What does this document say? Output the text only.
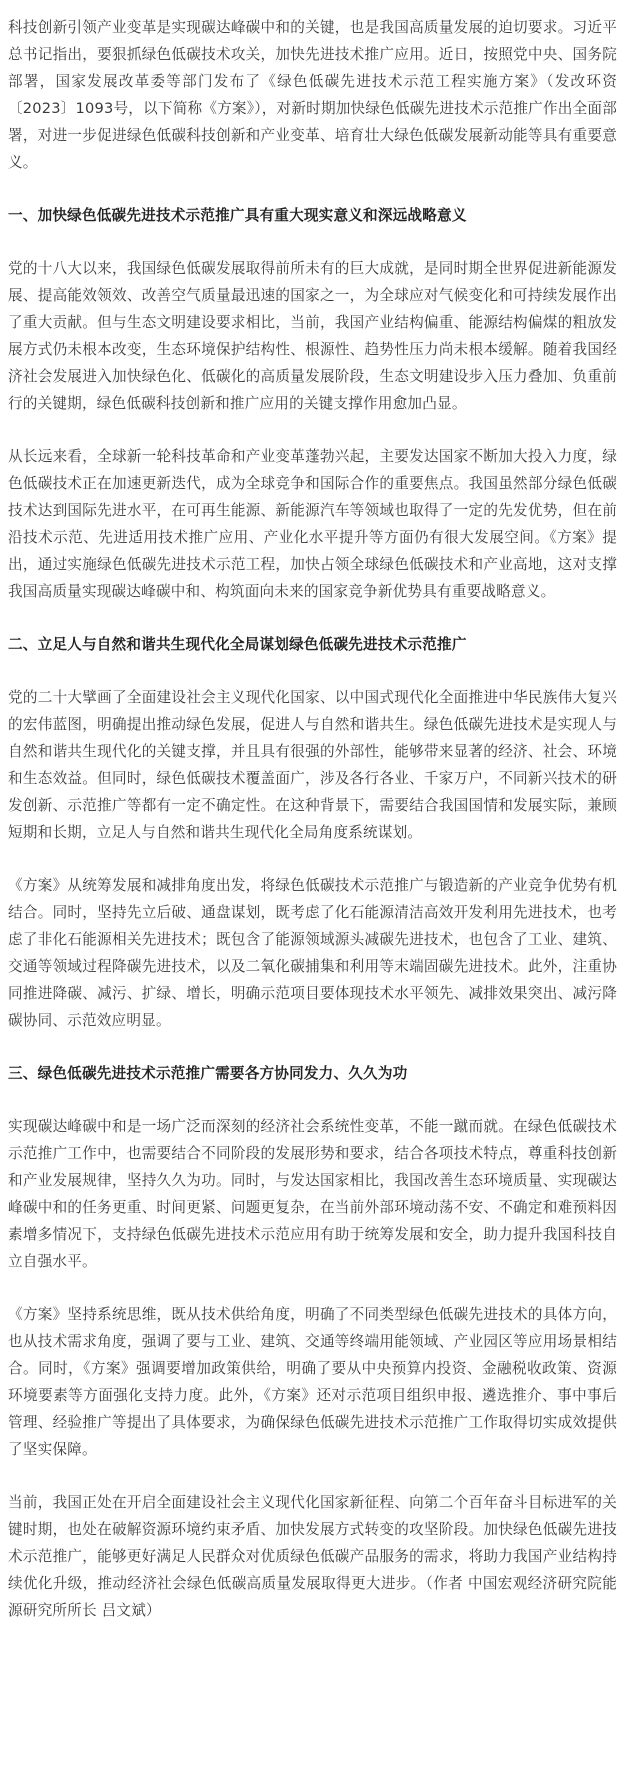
科技创新引领产业变革是实现碳达峰碳中和的关键，也是我国高质量发展的迫切要求。习近平总书记指出，要狠抓绿色低碳技术攻关，加快先进技术推广应用。近日，按照党中央、国务院部署，国家发展改革委等部门发布了《绿色低碳先进技术示范工程实施方案》（发改环资〔2023〕1093号，以下简称《方案》），对新时期加快绿色低碳先进技术示范推广作出全面部署，对进一步促进绿色低碳科技创新和产业变革、培育壮大绿色低碳发展新动能等具有重要意义。

一、加快绿色低碳先进技术示范推广具有重大现实意义和深远战略意义

党的十八大以来，我国绿色低碳发展取得前所未有的巨大成就，是同时期全世界促进新能源发展、提高能效领效、改善空气质量最迅速的国家之一，为全球应对气候变化和可持续发展作出了重大贡献。但与生态文明建设要求相比，当前，我国产业结构偏重、能源结构偏煤的粗放发展方式仍未根本改变，生态环境保护结构性、根源性、趋势性压力尚未根本缓解。随着我国经济社会发展进入加快绿色化、低碳化的高质量发展阶段，生态文明建设步入压力叠加、负重前行的关键期，绿色低碳科技创新和推广应用的关键支撑作用愈加凸显。

从长远来看，全球新一轮科技革命和产业变革蓬勃兴起，主要发达国家不断加大投入力度，绿色低碳技术正在加速更新迭代，成为全球竞争和国际合作的重要焦点。我国虽然部分绿色低碳技术达到国际先进水平，在可再生能源、新能源汽车等领域也取得了一定的先发优势，但在前沿技术示范、先进适用技术推广应用、产业化水平提升等方面仍有很大发展空间。《方案》提出，通过实施绿色低碳先进技术示范工程，加快占领全球绿色低碳技术和产业高地，这对支撑我国高质量实现碳达峰碳中和、构筑面向未来的国家竞争新优势具有重要战略意义。

二、立足人与自然和谐共生现代化全局谋划绿色低碳先进技术示范推广

党的二十大擘画了全面建设社会主义现代化国家、以中国式现代化全面推进中华民族伟大复兴的宏伟蓝图，明确提出推动绿色发展，促进人与自然和谐共生。绿色低碳先进技术是实现人与自然和谐共生现代化的关键支撑，并且具有很强的外部性，能够带来显著的经济、社会、环境和生态效益。但同时，绿色低碳技术覆盖面广，涉及各行各业、千家万户，不同新兴技术的研发创新、示范推广等都有一定不确定性。在这种背景下，需要结合我国国情和发展实际，兼顾短期和长期，立足人与自然和谐共生现代化全局角度系统谋划。

《方案》从统筹发展和减排角度出发，将绿色低碳技术示范推广与锻造新的产业竞争优势有机结合。同时，坚持先立后破、通盘谋划，既考虑了化石能源清洁高效开发利用先进技术，也考虑了非化石能源相关先进技术；既包含了能源领域源头减碳先进技术，也包含了工业、建筑、交通等领域过程降碳先进技术，以及二氧化碳捕集和利用等末端固碳先进技术。此外，注重协同推进降碳、减污、扩绿、增长，明确示范项目要体现技术水平领先、减排效果突出、减污降碳协同、示范效应明显。

三、绿色低碳先进技术示范推广需要各方协同发力、久久为功

实现碳达峰碳中和是一场广泛而深刻的经济社会系统性变革，不能一蹴而就。在绿色低碳技术示范推广工作中，也需要结合不同阶段的发展形势和要求，结合各项技术特点，尊重科技创新和产业发展规律，坚持久久为功。同时，与发达国家相比，我国改善生态环境质量、实现碳达峰碳中和的任务更重、时间更紧、问题更复杂，在当前外部环境动荡不安、不确定和难预料因素增多情况下，支持绿色低碳先进技术示范应用有助于统筹发展和安全，助力提升我国科技自立自强水平。

《方案》坚持系统思维，既从技术供给角度，明确了不同类型绿色低碳先进技术的具体方向，也从技术需求角度，强调了要与工业、建筑、交通等终端用能领域、产业园区等应用场景相结合。同时，《方案》强调要增加政策供给，明确了要从中央预算内投资、金融税收政策、资源环境要素等方面强化支持力度。此外，《方案》还对示范项目组织申报、遴选推介、事中事后管理、经验推广等提出了具体要求，为确保绿色低碳先进技术示范推广工作取得切实成效提供了坚实保障。

当前，我国正处在开启全面建设社会主义现代化国家新征程、向第二个百年奋斗目标进军的关键时期，也处在破解资源环境约束矛盾、加快发展方式转变的攻坚阶段。加快绿色低碳先进技术示范推广，能够更好满足人民群众对优质绿色低碳产品服务的需求，将助力我国产业结构持续优化升级，推动经济社会绿色低碳高质量发展取得更大进步。（作者 中国宏观经济研究院能源研究所所长 吕文斌）
